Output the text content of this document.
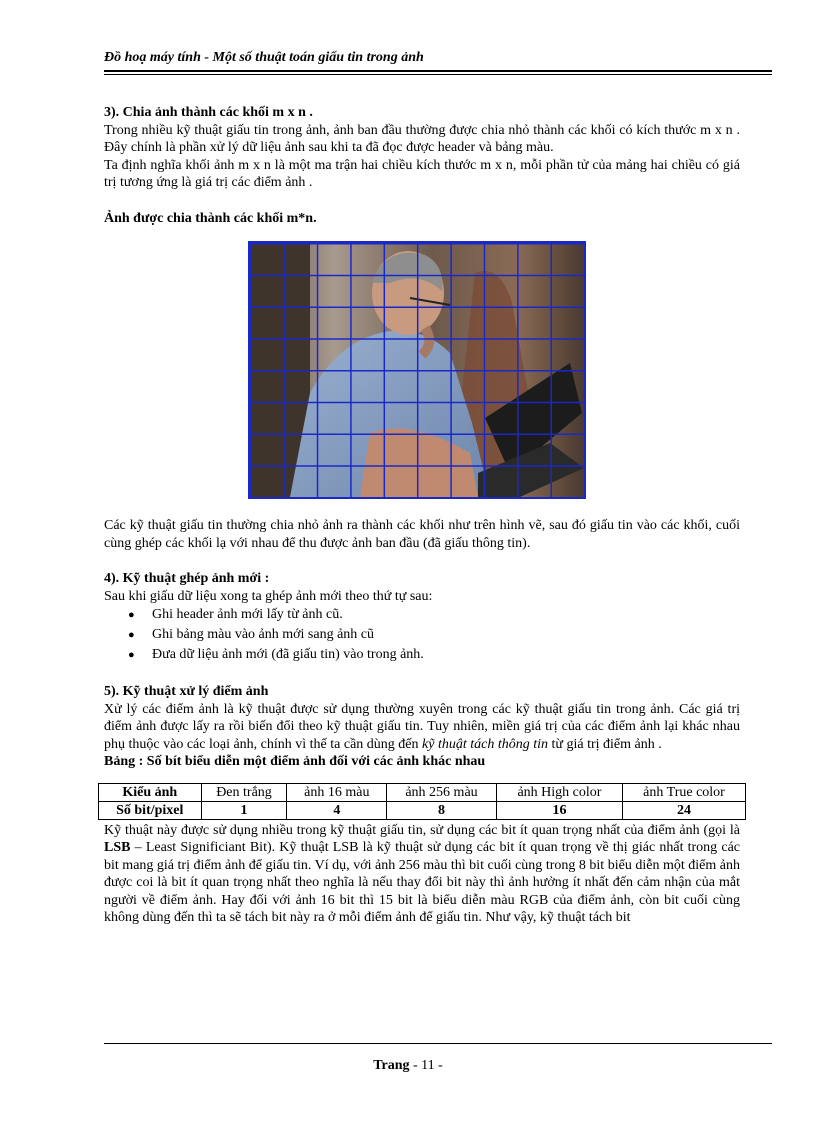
Đồ hoạ máy tính - Một số thuật toán giấu tin trong ảnh

3). Chia ảnh thành các khối m x n .

Trong nhiều kỹ thuật giấu tin trong ảnh, ảnh ban đầu thường được chia nhỏ thành các khối có kích thước m x n . Đây chính là phần xử lý dữ liệu ảnh sau khi ta đã đọc được header và bảng màu.

Ta định nghĩa khối ảnh m x n là một ma trận hai chiều kích thước m x n, mỗi phần tử của mảng hai chiều có giá trị tương ứng là giá trị các điểm ảnh .

Ảnh được chia thành các khối m*n.

Các kỹ thuật giấu tin thường chia nhỏ ảnh ra thành các khối như trên hình vẽ, sau đó giấu tin vào các khối, cuối cùng ghép các khối lạ với nhau để thu được ảnh ban đầu (đã giấu thông tin).

4). Kỹ thuật ghép ảnh mới :

Sau khi giấu dữ liệu xong ta ghép ảnh mới theo thứ tự sau:

● Ghi header ảnh mới lấy từ ảnh cũ.
● Ghi bảng màu vào ảnh mới sang ảnh cũ
● Đưa dữ liệu ảnh mới (đã giấu tin) vào trong ảnh.

5). Kỹ thuật xử lý điểm ảnh

Xử lý các điểm ảnh là kỹ thuật được sử dụng thường xuyên trong các kỹ thuật giấu tin trong ảnh. Các giá trị điểm ảnh được lấy ra rồi biến đổi theo kỹ thuật giấu tin. Tuy nhiên, miền giá trị của các điểm ảnh lại khác nhau phụ thuộc vào các loại ảnh, chính vì thế ta cần dùng đến kỹ thuật tách thông tin từ giá trị điểm ảnh .

Bảng : Số bít biểu diễn một điểm ảnh đối với các ảnh khác nhau

Kiểu ảnh	Đen trắng	ảnh 16 màu	ảnh 256 màu	ảnh High color	ảnh True color
Số bit/pixel	1	4	8	16	24

Kỹ thuật này được sử dụng nhiều trong kỹ thuật giấu tin, sử dụng các bit ít quan trọng nhất của điểm ảnh (gọi là LSB – Least Significiant Bit). Kỹ thuật LSB là kỹ thuật sử dụng các bit ít quan trọng về thị giác nhất trong các bit mang giá trị điểm ảnh để giấu tin. Ví dụ, với ảnh 256 màu thì bit cuối cùng trong 8 bit biểu diễn một điểm ảnh được coi là bit ít quan trọng nhất theo nghĩa là nếu thay đổi bit này thì ảnh hưởng ít nhất đến cảm nhận của mắt người về điểm ảnh. Hay đối với ảnh 16 bit thì 15 bit là biểu diễn màu RGB của điểm ảnh, còn bit cuối cùng không dùng đến thì ta sẽ tách bit này ra ở mỗi điểm ảnh để giấu tin. Như vậy, kỹ thuật tách bit

Trang - 11 -
